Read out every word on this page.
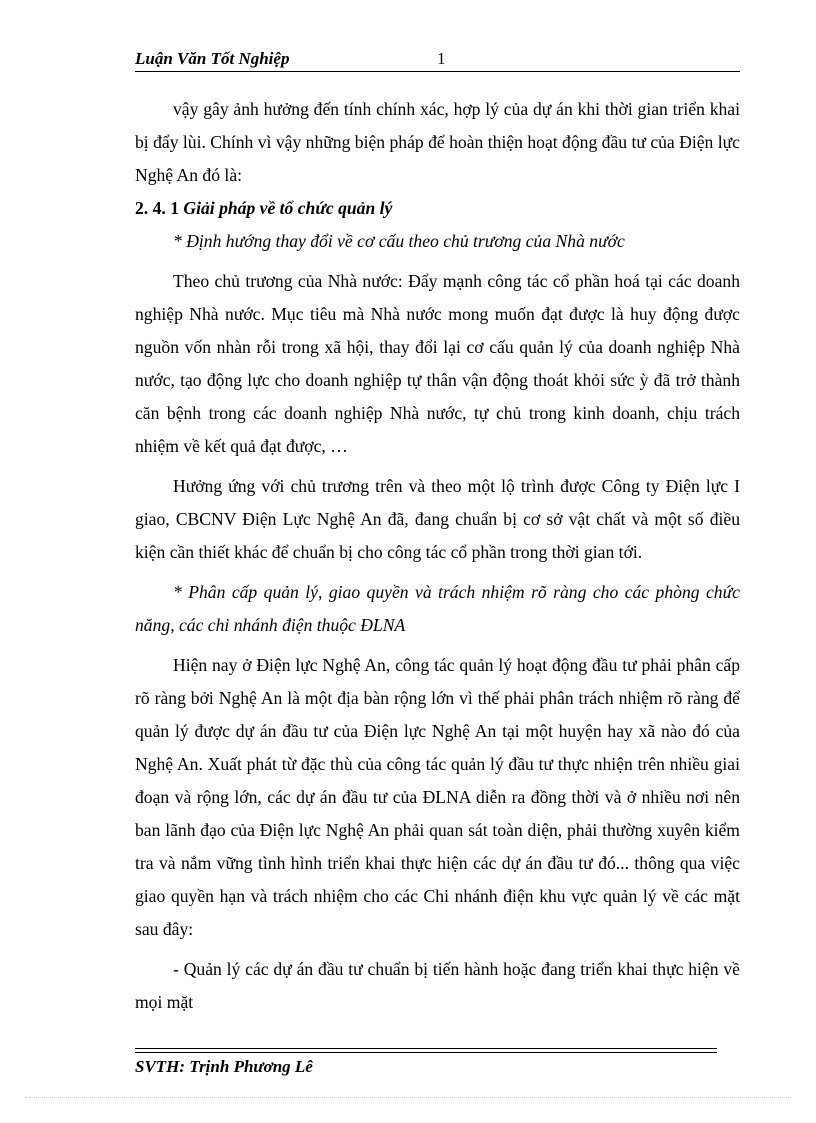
Luận Văn Tốt Nghiệp	1

vậy gây ảnh hưởng đến tính chính xác, hợp lý của dự án khi thời gian triển khai bị đẩy lùi. Chính vì vậy những biện pháp để hoàn thiện hoạt động đầu tư của Điện lực Nghệ An đó là:

2. 4. 1 Giải pháp về tổ chức quản lý

* Định hướng thay đổi về cơ cấu theo chủ trương của Nhà nước

Theo chủ trương của Nhà nước: Đẩy mạnh công tác cổ phần hoá tại các doanh nghiệp Nhà nước. Mục tiêu mà Nhà nước mong muốn đạt được là huy động được nguồn vốn nhàn rỗi trong xã hội, thay đổi lại cơ cấu quản lý của doanh nghiệp Nhà nước, tạo động lực cho doanh nghiệp tự thân vận động thoát khỏi sức ỳ đã trở thành căn bệnh trong các doanh nghiệp Nhà nước, tự chủ trong kinh doanh, chịu trách nhiệm về kết quả đạt được, …

Hưởng ứng với chủ trương trên và theo một lộ trình được Công ty Điện lực I giao, CBCNV Điện Lực Nghệ An đã, đang chuẩn bị cơ sở vật chất và một số điều kiện cần thiết khác để chuẩn bị cho công tác cổ phần trong thời gian tới.

* Phân cấp quản lý, giao quyền và trách nhiệm rõ ràng cho các phòng chức năng, các chi nhánh điện thuộc ĐLNA

Hiện nay ở Điện lực Nghệ An, công tác quản lý hoạt động đầu tư phải phân cấp rõ ràng bởi Nghệ An là một địa bàn rộng lớn vì thế phải phân trách nhiệm rõ ràng để quản lý được dự án đầu tư của Điện lực Nghệ An tại một huyện hay xã nào đó của Nghệ An. Xuất phát từ đặc thù của công tác quản lý đầu tư thực nhiện trên nhiều giai đoạn và rộng lớn, các dự án đầu tư của ĐLNA diễn ra đồng thời và ở nhiều nơi nên ban lãnh đạo của Điện lực Nghệ An phải quan sát toàn diện, phải thường xuyên kiểm tra và nắm vững tình hình triển khai thực hiện các dự án đầu tư đó... thông qua việc giao quyền hạn và trách nhiệm cho các Chi nhánh điện khu vực quản lý về các mặt sau đây:

- Quản lý các dự án đầu tư chuẩn bị tiến hành hoặc đang triển khai thực hiện về mọi mặt

SVTH: Trịnh Phương Lê
